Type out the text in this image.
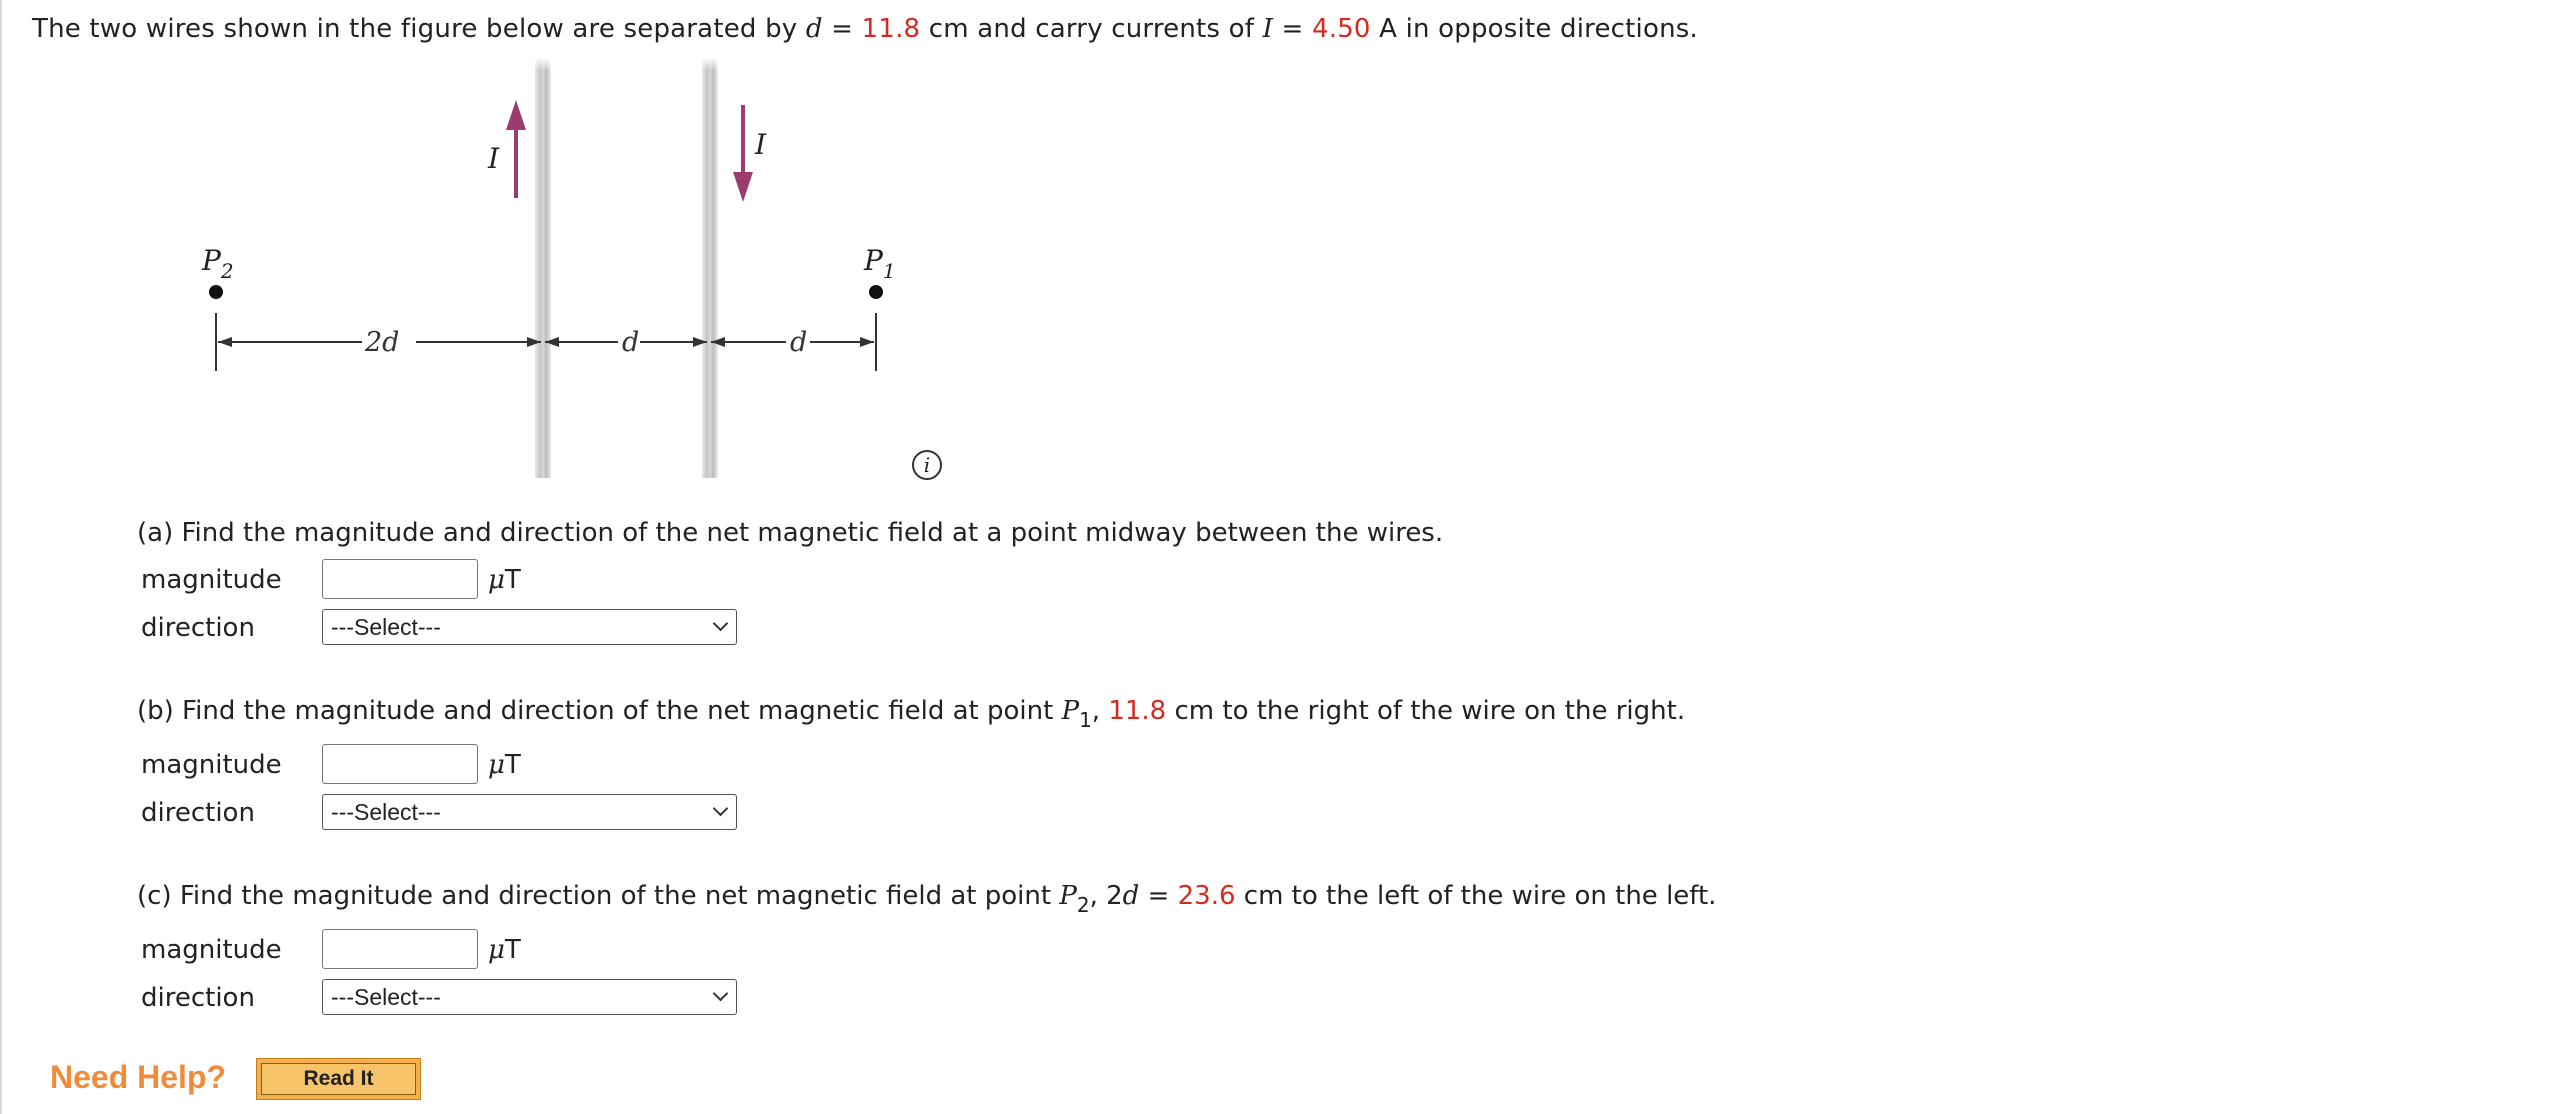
The two wires shown in the figure below are separated by d = 11.8 cm and carry currents of I = 4.50 A in opposite directions.
I	I
$P_2$	$P_1$
2d	d	d
i
(a) Find the magnitude and direction of the net magnetic field at a point midway between the wires.
magnitude	μT
direction	---Select---
(b) Find the magnitude and direction of the net magnetic field at point $P_1$, 11.8 cm to the right of the wire on the right.
magnitude	μT
direction	---Select---
(c) Find the magnitude and direction of the net magnetic field at point $P_2$, 2d = 23.6 cm to the left of the wire on the left.
magnitude	μT
direction	---Select---
Need Help?	Read It
